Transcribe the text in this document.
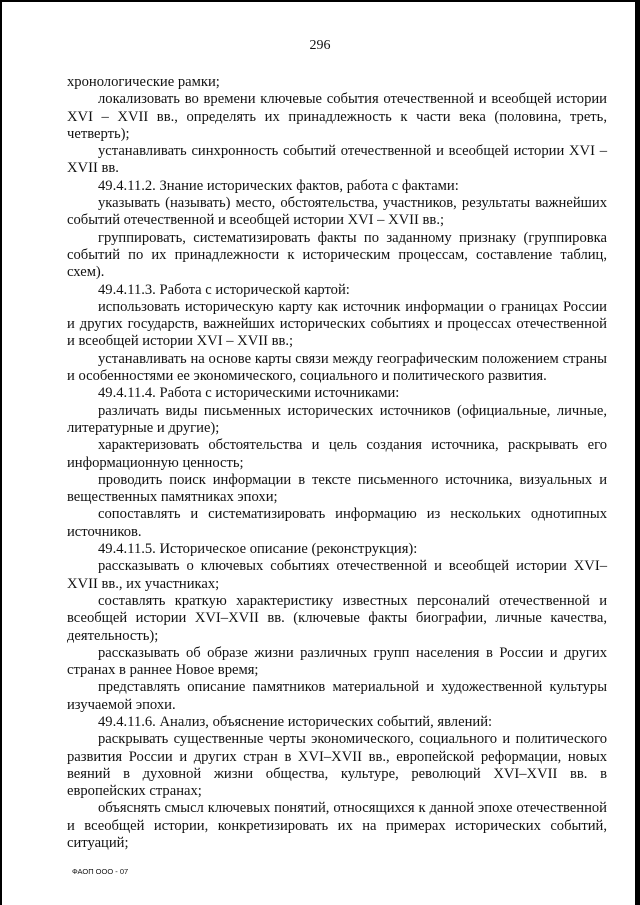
296

хронологические рамки;

локализовать во времени ключевые события отечественной и всеобщей истории XVI – XVII вв., определять их принадлежность к части века (половина, треть, четверть);

устанавливать синхронность событий отечественной и всеобщей истории XVI – XVII вв.

49.4.11.2. Знание исторических фактов, работа с фактами:

указывать (называть) место, обстоятельства, участников, результаты важнейших событий отечественной и всеобщей истории XVI – XVII вв.;

группировать, систематизировать факты по заданному признаку (группировка событий по их принадлежности к историческим процессам, составление таблиц, схем).

49.4.11.3. Работа с исторической картой:

использовать историческую карту как источник информации о границах России и других государств, важнейших исторических событиях и процессах отечественной и всеобщей истории XVI – XVII вв.;

устанавливать на основе карты связи между географическим положением страны и особенностями ее экономического, социального и политического развития.

49.4.11.4. Работа с историческими источниками:

различать виды письменных исторических источников (официальные, личные, литературные и другие);

характеризовать обстоятельства и цель создания источника, раскрывать его информационную ценность;

проводить поиск информации в тексте письменного источника, визуальных и вещественных памятниках эпохи;

сопоставлять и систематизировать информацию из нескольких однотипных источников.

49.4.11.5. Историческое описание (реконструкция):

рассказывать о ключевых событиях отечественной и всеобщей истории XVI–XVII вв., их участниках;

составлять краткую характеристику известных персоналий отечественной и всеобщей истории XVI–XVII вв. (ключевые факты биографии, личные качества, деятельность);

рассказывать об образе жизни различных групп населения в России и других странах в раннее Новое время;

представлять описание памятников материальной и художественной культуры изучаемой эпохи.

49.4.11.6. Анализ, объяснение исторических событий, явлений:

раскрывать существенные черты экономического, социального и политического развития России и других стран в XVI–XVII вв., европейской реформации, новых веяний в духовной жизни общества, культуре, революций XVI–XVII вв. в европейских странах;

объяснять смысл ключевых понятий, относящихся к данной эпохе отечественной и всеобщей истории, конкретизировать их на примерах исторических событий, ситуаций;

ФАОП ООО - 07
